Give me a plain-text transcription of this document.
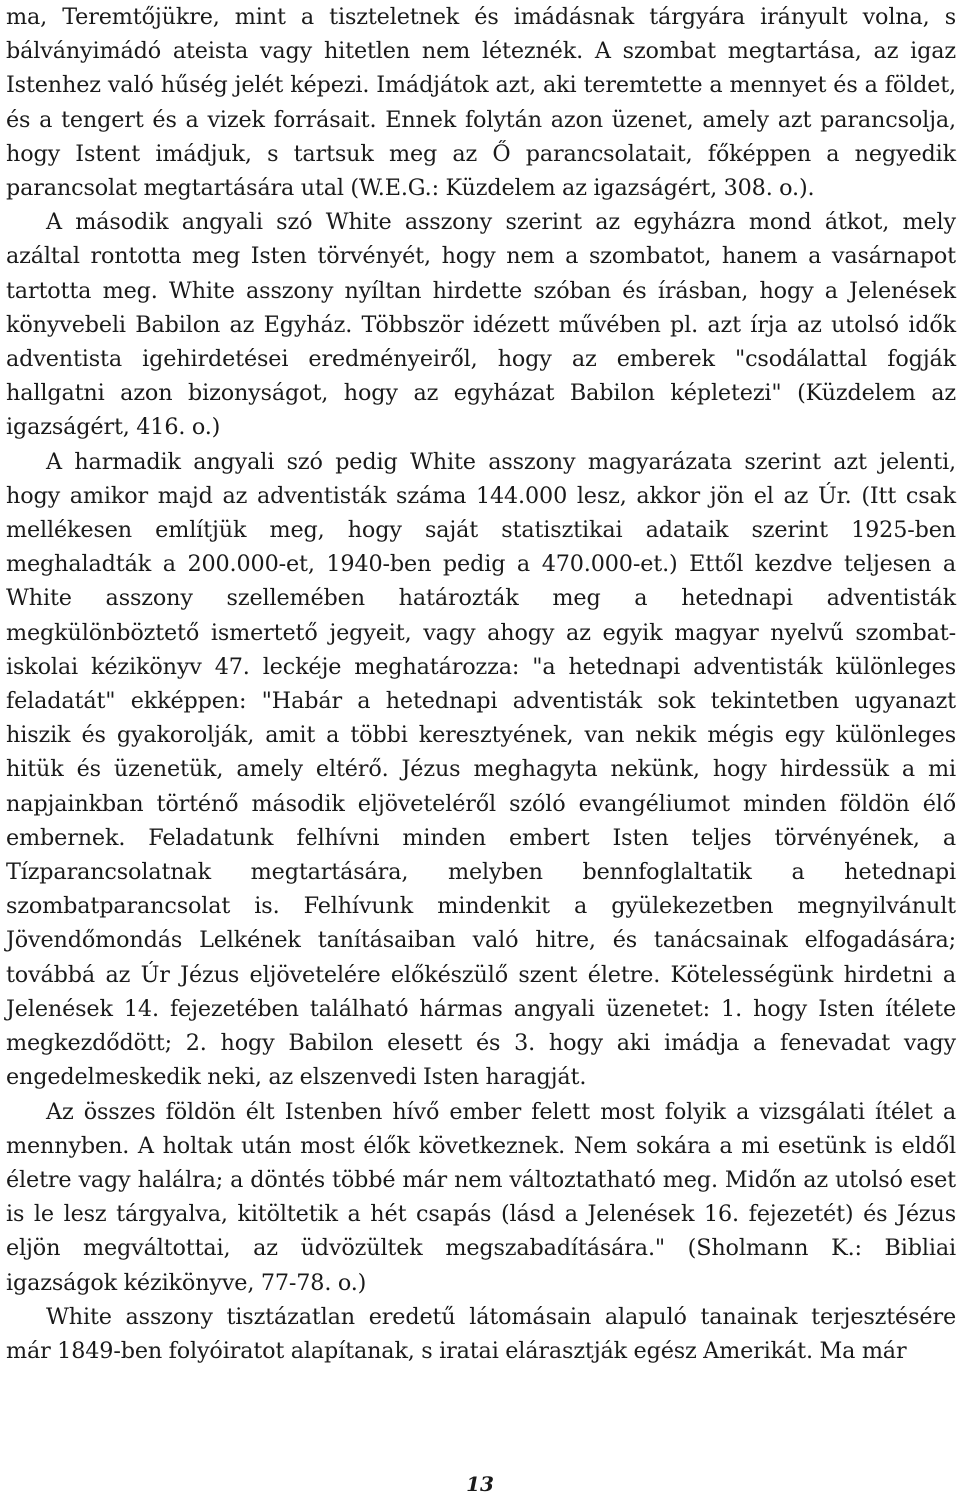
ma, Teremtőjükre, mint a tiszteletnek és imádásnak tárgyára irányult volna, s bálványimádó ateista vagy hitetlen nem léteznék. A szombat megtartása, az igaz Istenhez való hűség jelét képezi. Imádjátok azt, aki teremtette a mennyet és a földet, és a tengert és a vizek forrásait. Ennek folytán azon üzenet, amely azt parancsolja, hogy Istent imádjuk, s tartsuk meg az Ő parancsolatait, főképpen a negyedik parancsolat megtartására utal (W.E.G.: Küzdelem az igazságért, 308. o.).

A második angyali szó White asszony szerint az egyházra mond átkot, mely azáltal rontotta meg Isten törvényét, hogy nem a szombatot, hanem a vasárnapot tartotta meg. White asszony nyíltan hirdette szóban és írásban, hogy a Jelenések könyvebeli Babilon az Egyház. Többször idézett művében pl. azt írja az utolsó idők adventista igehirdetései eredményeiről, hogy az emberek "csodálattal fogják hallgatni azon bizonyságot, hogy az egyházat Babilon képletezi" (Küzdelem az igazságért, 416. o.)

A harmadik angyali szó pedig White asszony magyarázata szerint azt jelenti, hogy amikor majd az adventisták száma 144.000 lesz, akkor jön el az Úr. (Itt csak mellékesen említjük meg, hogy saját statisztikai adataik szerint 1925-ben meghaladták a 200.000-et, 1940-ben pedig a 470.000-et.) Ettől kezdve teljesen a White asszony szellemében határozták meg a hetednapi adventisták megkülönböztető ismertető jegyeit, vagy ahogy az egyik magyar nyelvű szombat-iskolai kézikönyv 47. leckéje meghatározza: "a hetednapi adventisták különleges feladatát" ekképpen: "Habár a hetednapi adventisták sok tekintetben ugyanazt hiszik és gyakorolják, amit a többi keresztyének, van nekik mégis egy különleges hitük és üzenetük, amely eltérő. Jézus meghagyta nekünk, hogy hirdessük a mi napjainkban történő második eljöveteléről szóló evangéliumot minden földön élő embernek. Feladatunk felhívni minden embert Isten teljes törvényének, a Tízparancsolatnak megtartására, melyben bennfoglaltatik a hetednapi szombatparancsolat is. Felhívunk mindenkit a gyülekezetben megnyilvánult Jövendőmondás Lelkének tanításaiban való hitre, és tanácsainak elfogadására; továbbá az Úr Jézus eljövetelére előkészülő szent életre. Kötelességünk hirdetni a Jelenések 14. fejezetében található hármas angyali üzenetet: 1. hogy Isten ítélete megkezdődött; 2. hogy Babilon elesett és 3. hogy aki imádja a fenevadat vagy engedelmeskedik neki, az elszenvedi Isten haragját.

Az összes földön élt Istenben hívő ember felett most folyik a vizsgálati ítélet a mennyben. A holtak után most élők következnek. Nem sokára a mi esetünk is eldől életre vagy halálra; a döntés többé már nem változtatható meg. Midőn az utolsó eset is le lesz tárgyalva, kitöltetik a hét csapás (lásd a Jelenések 16. fejezetét) és Jézus eljön megváltottai, az üdvözültek megszabadítására." (Sholmann K.: Bibliai igazságok kézikönyve, 77-78. o.)

White asszony tisztázatlan eredetű látomásain alapuló tanainak terjesztésére már 1849-ben folyóiratot alapítanak, s iratai elárasztják egész Amerikát. Ma már

13
